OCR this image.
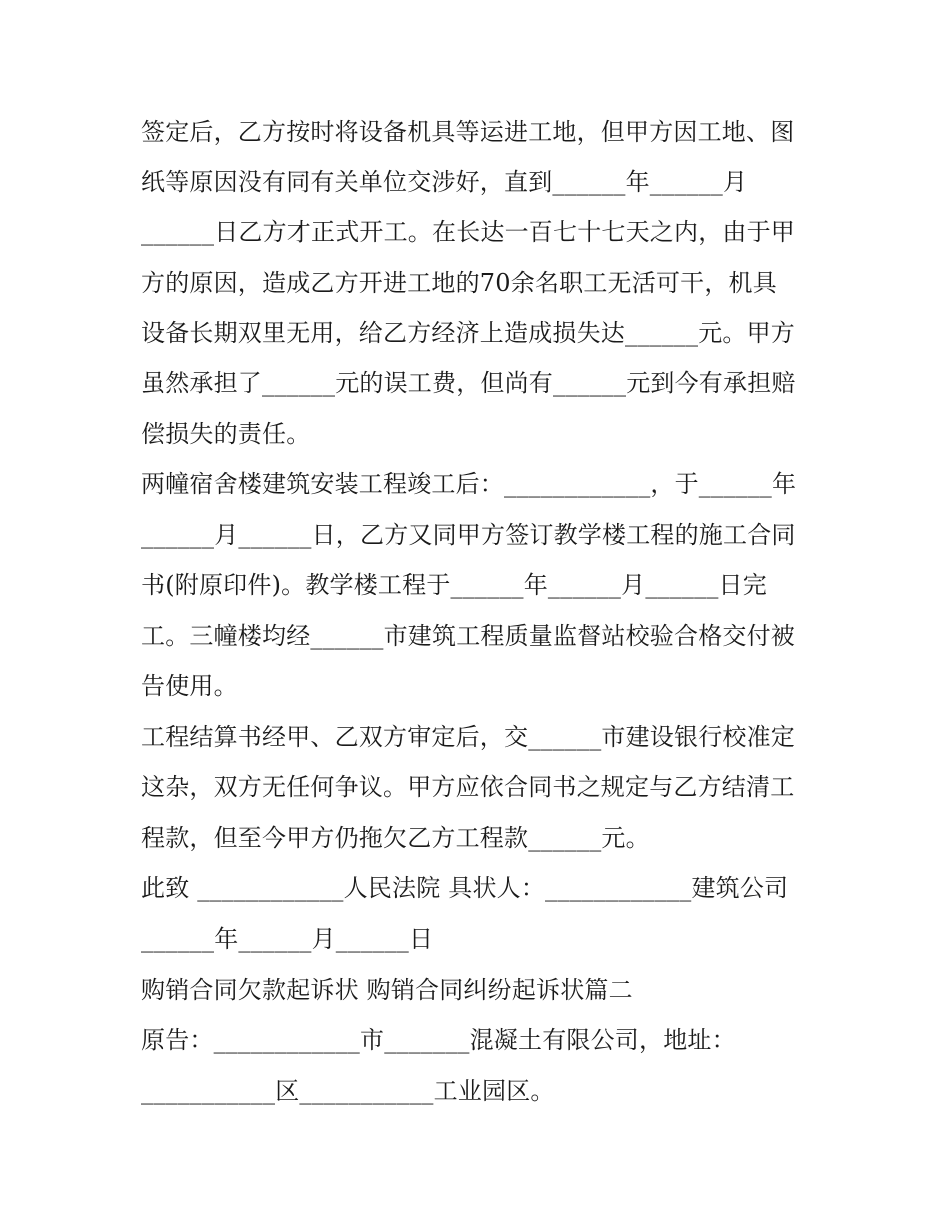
签定后，乙方按时将设备机具等运进工地，但甲方因工地、图
纸等原因没有同有关单位交涉好，直到______年______月
______日乙方才正式开工。在长达一百七十七天之内，由于甲
方的原因，造成乙方开进工地的70余名职工无活可干，机具
设备长期双里无用，给乙方经济上造成损失达______元。甲方
虽然承担了______元的误工费，但尚有______元到今有承担赔
偿损失的责任。
两幢宿舍楼建筑安装工程竣工后：____________，于______年
______月______日，乙方又同甲方签订教学楼工程的施工合同
书(附原印件)。教学楼工程于______年______月______日完
工。三幢楼均经______市建筑工程质量监督站校验合格交付被
告使用。
工程结算书经甲、乙双方审定后，交______市建设银行校准定
这杂，双方无任何争议。甲方应依合同书之规定与乙方结清工
程款，但至今甲方仍拖欠乙方工程款______元。
此致 ____________人民法院 具状人：____________建筑公司
______年______月______日
购销合同欠款起诉状 购销合同纠纷起诉状篇二
原告：____________市_______混凝土有限公司，地址：
___________区___________工业园区。
